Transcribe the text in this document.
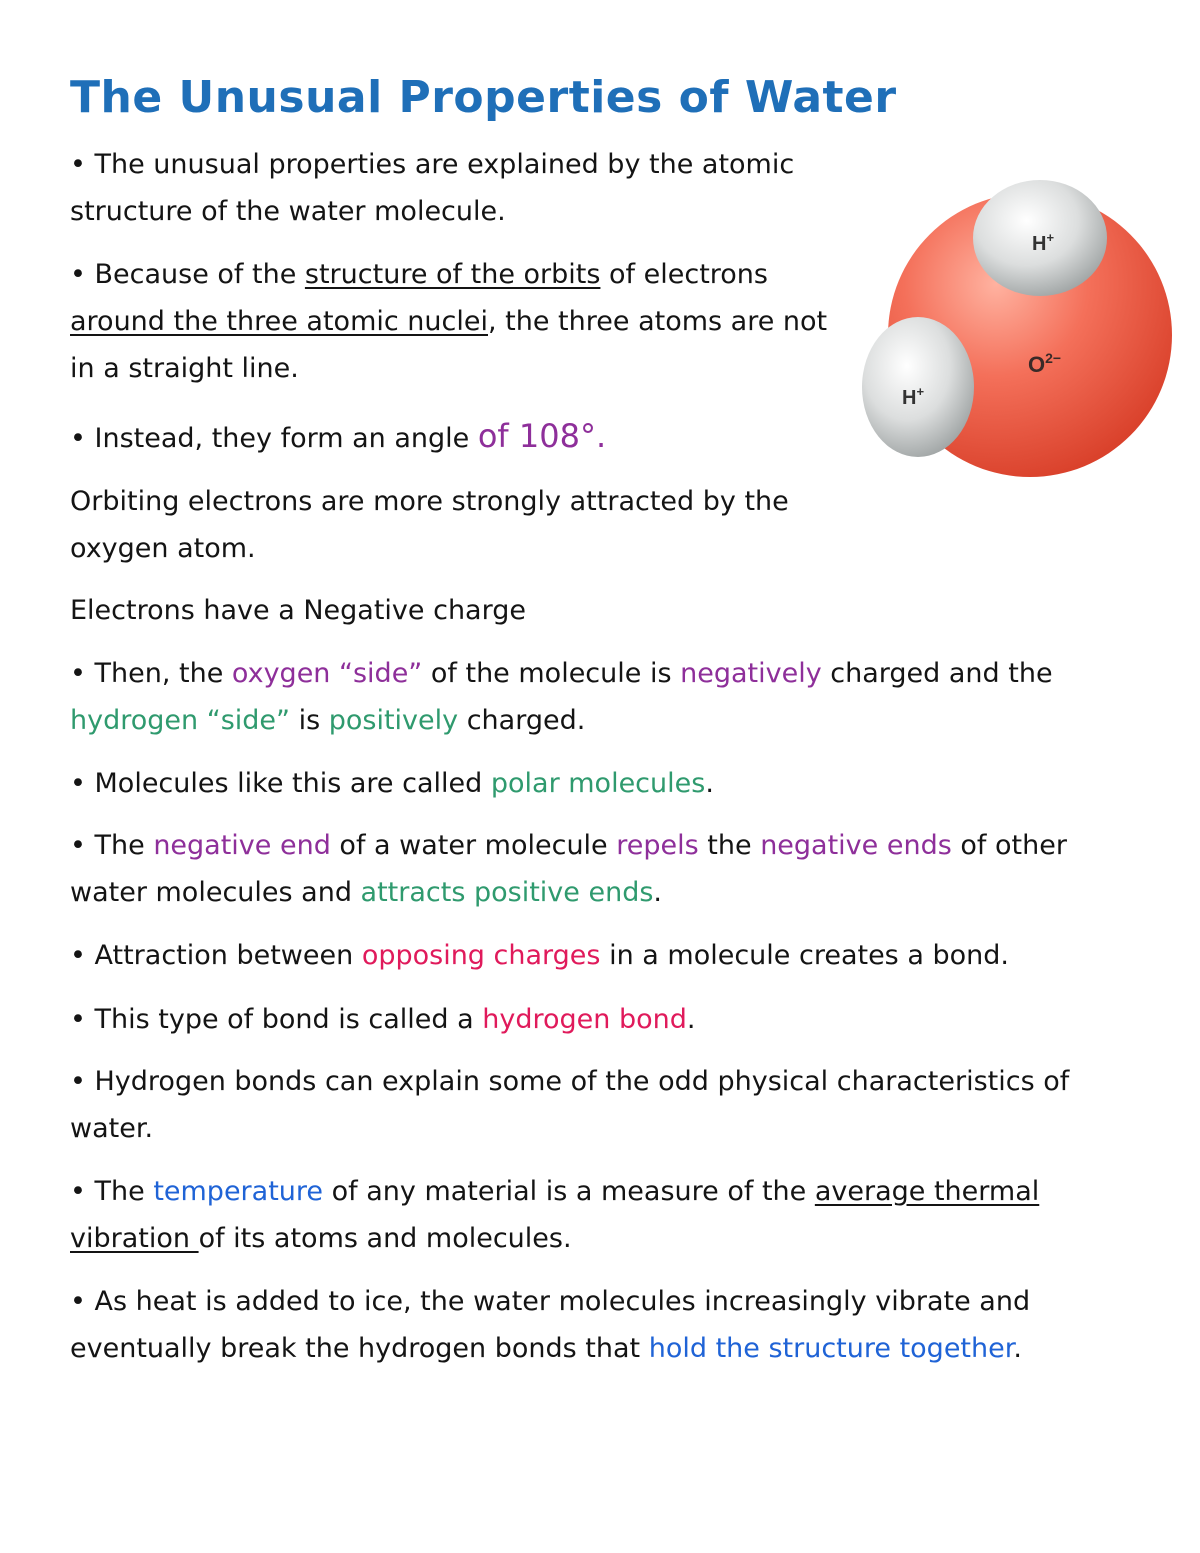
The Unusual Properties of Water
H+
H+
$O^{2-}$

• The unusual properties are explained by the atomic structure of the water molecule.

• Because of the structure of the orbits of electrons around the three atomic nuclei, the three atoms are not in a straight line.

• Instead, they form an angle of 108°.

Orbiting electrons are more strongly attracted by the oxygen atom.

Electrons have a Negative charge

• Then, the oxygen “side” of the molecule is negatively charged and the hydrogen “side” is positively charged.

• Molecules like this are called polar molecules.

• The negative end of a water molecule repels the negative ends of other water molecules and attracts positive ends.

• Attraction between opposing charges in a molecule creates a bond.

• This type of bond is called a hydrogen bond.

• Hydrogen bonds can explain some of the odd physical characteristics of water.

• The temperature of any material is a measure of the average thermal vibration of its atoms and molecules.

• As heat is added to ice, the water molecules increasingly vibrate and eventually break the hydrogen bonds that hold the structure together.
